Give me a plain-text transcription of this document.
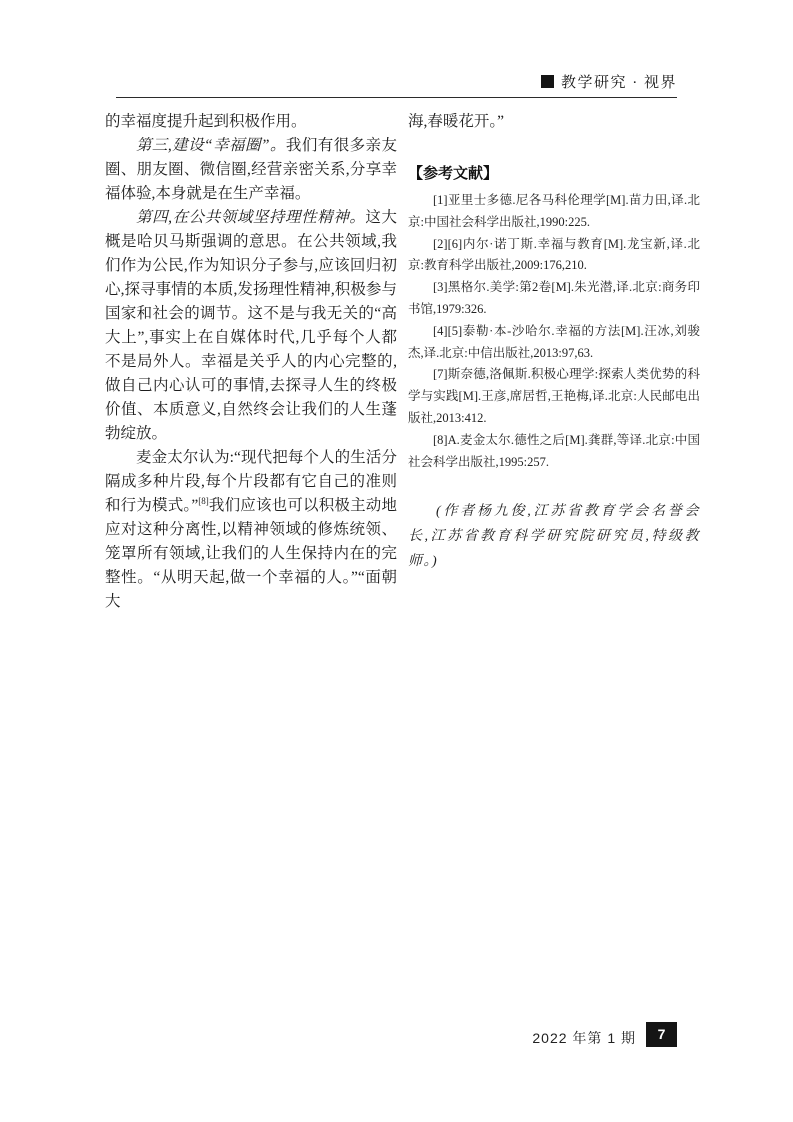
教学研究 · 视界

的幸福度提升起到积极作用。

第三,建设“幸福圈”。我们有很多亲友圈、朋友圈、微信圈,经营亲密关系,分享幸福体验,本身就是在生产幸福。

第四,在公共领域坚持理性精神。这大概是哈贝马斯强调的意思。在公共领域,我们作为公民,作为知识分子参与,应该回归初心,探寻事情的本质,发扬理性精神,积极参与国家和社会的调节。这不是与我无关的“高大上”,事实上在自媒体时代,几乎每个人都不是局外人。幸福是关乎人的内心完整的,做自己内心认可的事情,去探寻人生的终极价值、本质意义,自然终会让我们的人生蓬勃绽放。

麦金太尔认为:“现代把每个人的生活分隔成多种片段,每个片段都有它自己的准则和行为模式。”[8]我们应该也可以积极主动地应对这种分离性,以精神领域的修炼统领、笼罩所有领域,让我们的人生保持内在的完整性。“从明天起,做一个幸福的人。”“面朝大

海,春暖花开。”

【参考文献】

[1]亚里士多德.尼各马科伦理学[M].苗力田,译.北京:中国社会科学出版社,1990:225.

[2][6]内尔·诺丁斯.幸福与教育[M].龙宝新,译.北京:教育科学出版社,2009:176,210.

[3]黑格尔.美学:第2卷[M].朱光潜,译.北京:商务印书馆,1979:326.

[4][5]泰勒·本-沙哈尔.幸福的方法[M].汪冰,刘骏杰,译.北京:中信出版社,2013:97,63.

[7]斯奈德,洛佩斯.积极心理学:探索人类优势的科学与实践[M].王彦,席居哲,王艳梅,译.北京:人民邮电出版社,2013:412.

[8]A.麦金太尔.德性之后[M].龚群,等译.北京:中国社会科学出版社,1995:257.

(作者杨九俊,江苏省教育学会名誉会长,江苏省教育科学研究院研究员,特级教师。)

2022 年第 1 期	7
